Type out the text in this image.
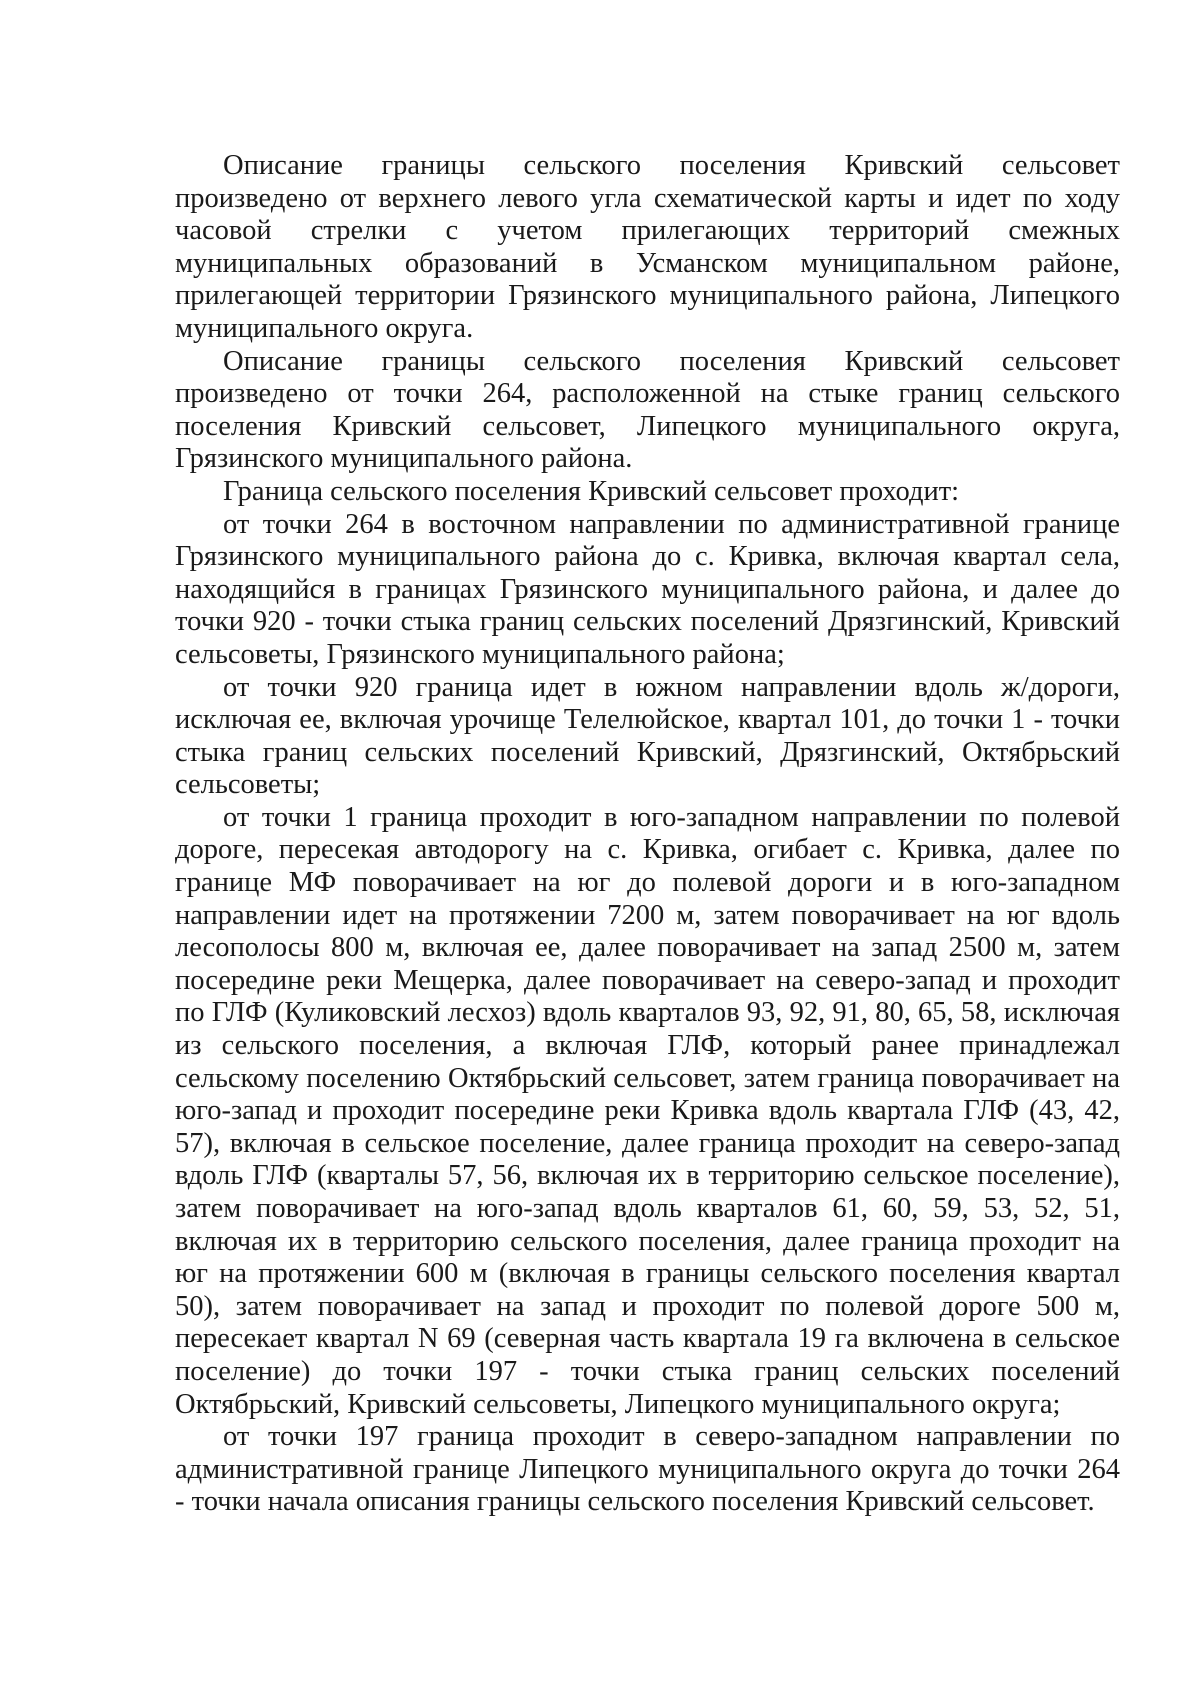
Описание границы сельского поселения Кривский сельсовет произведено от верхнего левого угла схематической карты и идет по ходу часовой стрелки с учетом прилегающих территорий смежных муниципальных образований в Усманском муниципальном районе, прилегающей территории Грязинского муниципального района, Липецкого муниципального округа.

Описание границы сельского поселения Кривский сельсовет произведено от точки 264, расположенной на стыке границ сельского поселения Кривский сельсовет, Липецкого муниципального округа, Грязинского муниципального района.

Граница сельского поселения Кривский сельсовет проходит:

от точки 264 в восточном направлении по административной границе Грязинского муниципального района до с. Кривка, включая квартал села, находящийся в границах Грязинского муниципального района, и далее до точки 920 - точки стыка границ сельских поселений Дрязгинский, Кривский сельсоветы, Грязинского муниципального района;

от точки 920 граница идет в южном направлении вдоль ж/дороги, исключая ее, включая урочище Телелюйское, квартал 101, до точки 1 - точки стыка границ сельских поселений Кривский, Дрязгинский, Октябрьский сельсоветы;

от точки 1 граница проходит в юго-западном направлении по полевой дороге, пересекая автодорогу на с. Кривка, огибает с. Кривка, далее по границе МФ поворачивает на юг до полевой дороги и в юго-западном направлении идет на протяжении 7200 м, затем поворачивает на юг вдоль лесополосы 800 м, включая ее, далее поворачивает на запад 2500 м, затем посередине реки Мещерка, далее поворачивает на северо-запад и проходит по ГЛФ (Куликовский лесхоз) вдоль кварталов 93, 92, 91, 80, 65, 58, исключая из сельского поселения, а включая ГЛФ, который ранее принадлежал сельскому поселению Октябрьский сельсовет, затем граница поворачивает на юго-запад и проходит посередине реки Кривка вдоль квартала ГЛФ (43, 42, 57), включая в сельское поселение, далее граница проходит на северо-запад вдоль ГЛФ (кварталы 57, 56, включая их в территорию сельское поселение), затем поворачивает на юго-запад вдоль кварталов 61, 60, 59, 53, 52, 51, включая их в территорию сельского поселения, далее граница проходит на юг на протяжении 600 м (включая в границы сельского поселения квартал 50), затем поворачивает на запад и проходит по полевой дороге 500 м, пересекает квартал N 69 (северная часть квартала 19 га включена в сельское поселение) до точки 197 - точки стыка границ сельских поселений Октябрьский, Кривский сельсоветы, Липецкого муниципального округа;

от точки 197 граница проходит в северо-западном направлении по административной границе Липецкого муниципального округа до точки 264 - точки начала описания границы сельского поселения Кривский сельсовет.
